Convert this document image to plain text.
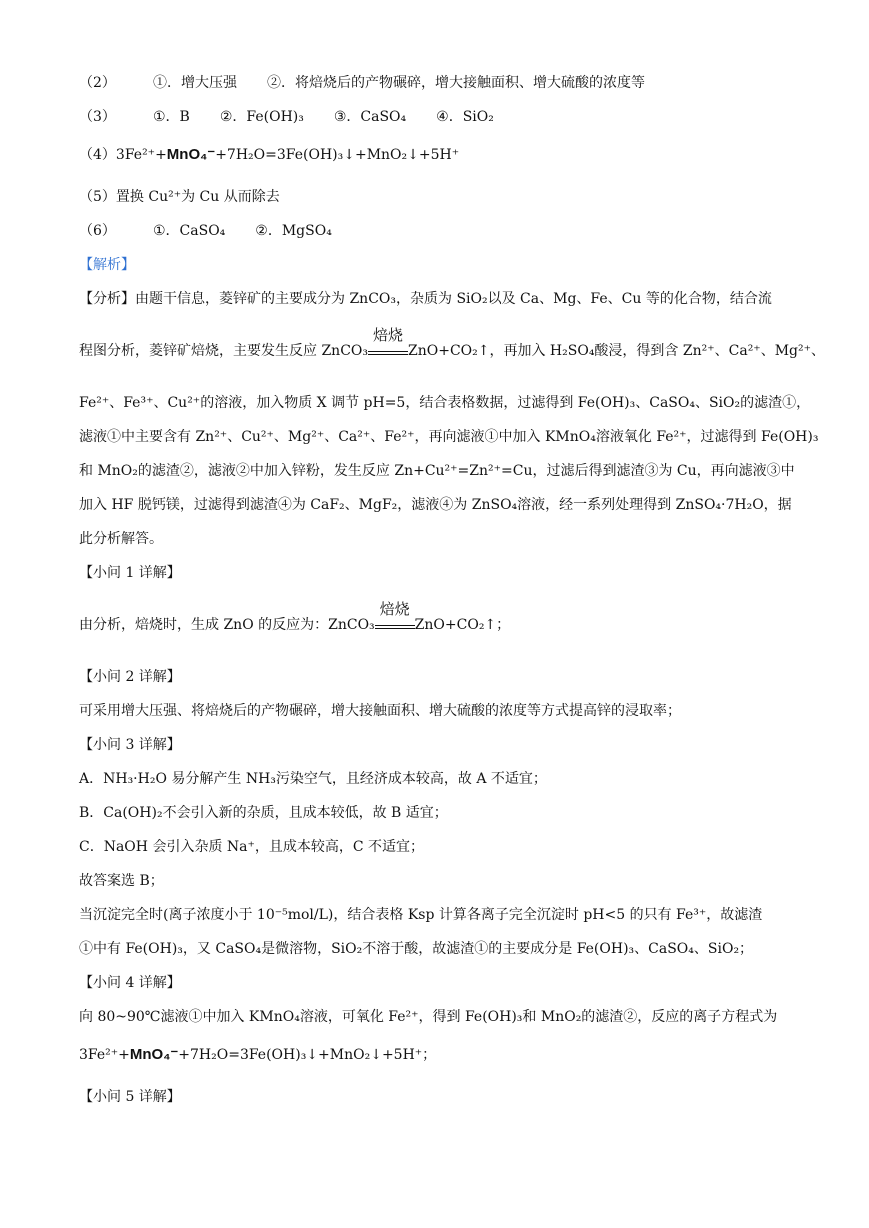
（2）	①．增大压强 ②．将焙烧后的产物碾碎，增大接触面积、增大硫酸的浓度等
（3）	①．B ②．Fe(OH)₃ ③．CaSO₄ ④．SiO₂
（4）3Fe²⁺+MnO₄⁻+7H₂O=3Fe(OH)₃↓+MnO₂↓+5H⁺
（5）置换 Cu²⁺为 Cu 从而除去
（6）	①．CaSO₄ ②．MgSO₄
【解析】
【分析】由题干信息，菱锌矿的主要成分为 ZnCO₃，杂质为 SiO₂以及 Ca、Mg、Fe、Cu 等的化合物，结合流
程图分析，菱锌矿焙烧，主要发生反应 ZnCO₃
焙烧
ZnO+CO₂↑，再加入 H₂SO₄酸浸，得到含 Zn²⁺、Ca²⁺、Mg²⁺、
Fe²⁺、Fe³⁺、Cu²⁺的溶液，加入物质 X 调节 pH=5，结合表格数据，过滤得到 Fe(OH)₃、CaSO₄、SiO₂的滤渣①，
滤液①中主要含有 Zn²⁺、Cu²⁺、Mg²⁺、Ca²⁺、Fe²⁺，再向滤液①中加入 KMnO₄溶液氧化 Fe²⁺，过滤得到 Fe(OH)₃
和 MnO₂的滤渣②，滤液②中加入锌粉，发生反应 Zn+Cu²⁺=Zn²⁺=Cu，过滤后得到滤渣③为 Cu，再向滤液③中
加入 HF 脱钙镁，过滤得到滤渣④为 CaF₂、MgF₂，滤液④为 ZnSO₄溶液，经一系列处理得到 ZnSO₄·7H₂O，据
此分析解答。
【小问 1 详解】
由分析，焙烧时，生成 ZnO 的反应为：ZnCO₃
焙烧
ZnO+CO₂↑；
【小问 2 详解】
可采用增大压强、将焙烧后的产物碾碎，增大接触面积、增大硫酸的浓度等方式提高锌的浸取率；
【小问 3 详解】
A．NH₃·H₂O 易分解产生 NH₃污染空气，且经济成本较高，故 A 不适宜；
B．Ca(OH)₂不会引入新的杂质，且成本较低，故 B 适宜；
C．NaOH 会引入杂质 Na⁺，且成本较高，C 不适宜；
故答案选 B；
当沉淀完全时(离子浓度小于 10⁻⁵mol/L)，结合表格 Ksp 计算各离子完全沉淀时 pH<5 的只有 Fe³⁺，故滤渣
①中有 Fe(OH)₃，又 CaSO₄是微溶物，SiO₂不溶于酸，故滤渣①的主要成分是 Fe(OH)₃、CaSO₄、SiO₂；
【小问 4 详解】
向 80~90℃滤液①中加入 KMnO₄溶液，可氧化 Fe²⁺，得到 Fe(OH)₃和 MnO₂的滤渣②，反应的离子方程式为
3Fe²⁺+MnO₄⁻+7H₂O=3Fe(OH)₃↓+MnO₂↓+5H⁺；
【小问 5 详解】
